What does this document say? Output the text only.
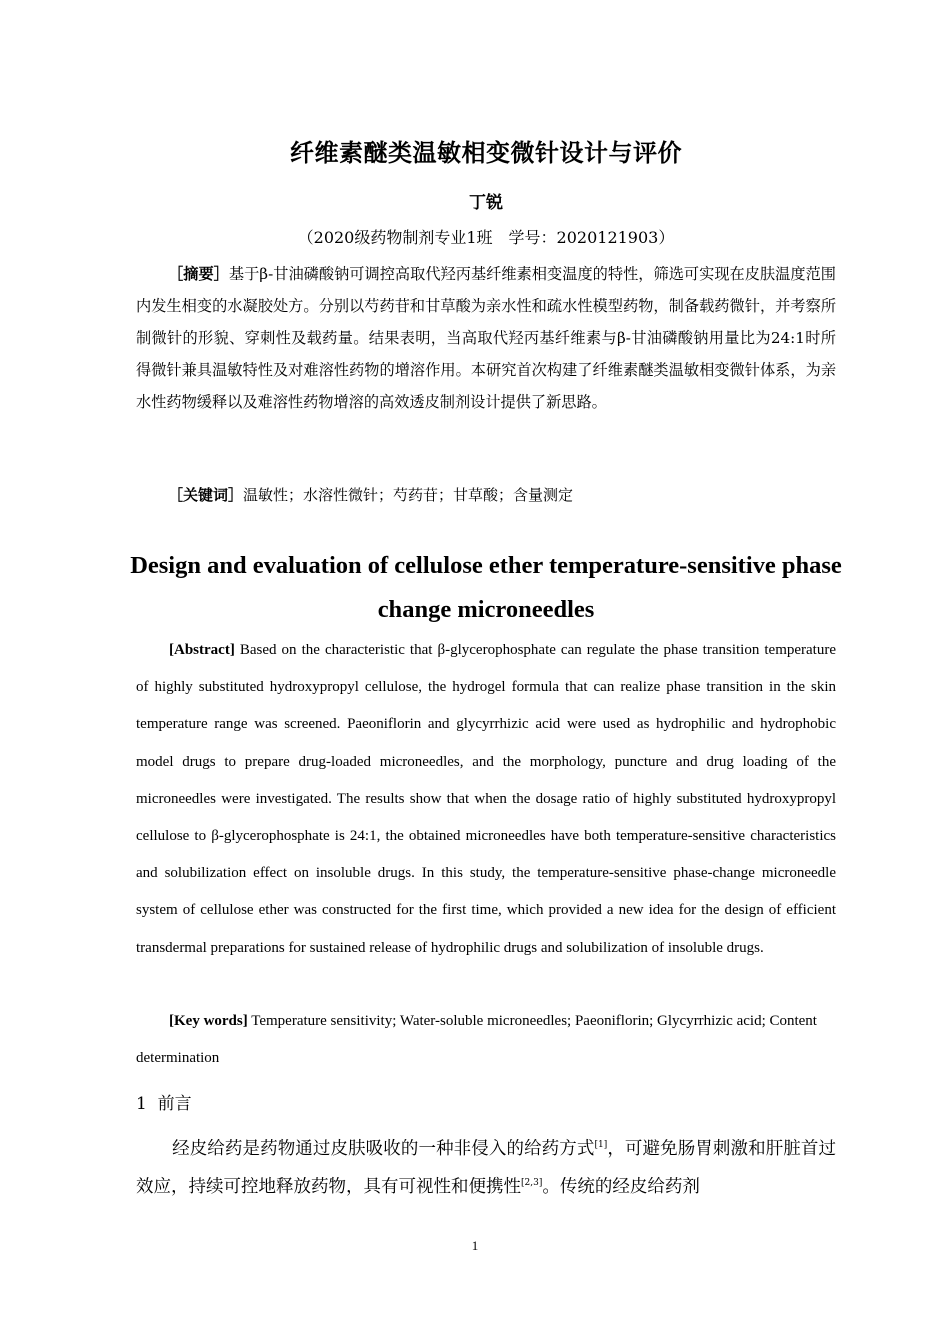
纤维素醚类温敏相变微针设计与评价
丁锐
（2020级药物制剂专业1班　学号：2020121903）
［摘要］基于β-甘油磷酸钠可调控高取代羟丙基纤维素相变温度的特性，筛选可实现在皮肤温度范围内发生相变的水凝胶处方。分别以芍药苷和甘草酸为亲水性和疏水性模型药物，制备载药微针，并考察所制微针的形貌、穿刺性及载药量。结果表明，当高取代羟丙基纤维素与β-甘油磷酸钠用量比为24:1时所得微针兼具温敏特性及对难溶性药物的增溶作用。本研究首次构建了纤维素醚类温敏相变微针体系，为亲水性药物缓释以及难溶性药物增溶的高效透皮制剂设计提供了新思路。
［关键词］温敏性；水溶性微针；芍药苷；甘草酸；含量测定
Design and evaluation of cellulose ether temperature-sensitive phase change microneedles
[Abstract] Based on the characteristic that β-glycerophosphate can regulate the phase transition temperature of highly substituted hydroxypropyl cellulose, the hydrogel formula that can realize phase transition in the skin temperature range was screened. Paeoniflorin and glycyrrhizic acid were used as hydrophilic and hydrophobic model drugs to prepare drug-loaded microneedles, and the morphology, puncture and drug loading of the microneedles were investigated. The results show that when the dosage ratio of highly substituted hydroxypropyl cellulose to β-glycerophosphate is 24:1, the obtained microneedles have both temperature-sensitive characteristics and solubilization effect on insoluble drugs. In this study, the temperature-sensitive phase-change microneedle system of cellulose ether was constructed for the first time, which provided a new idea for the design of efficient transdermal preparations for sustained release of hydrophilic drugs and solubilization of insoluble drugs.
[Key words] Temperature sensitivity; Water-soluble microneedles; Paeoniflorin; Glycyrrhizic acid; Content determination
1 前言
经皮给药是药物通过皮肤吸收的一种非侵入的给药方式[1]，可避免肠胃刺激和肝脏首过效应，持续可控地释放药物，具有可视性和便携性[2,3]。传统的经皮给药剂
1
